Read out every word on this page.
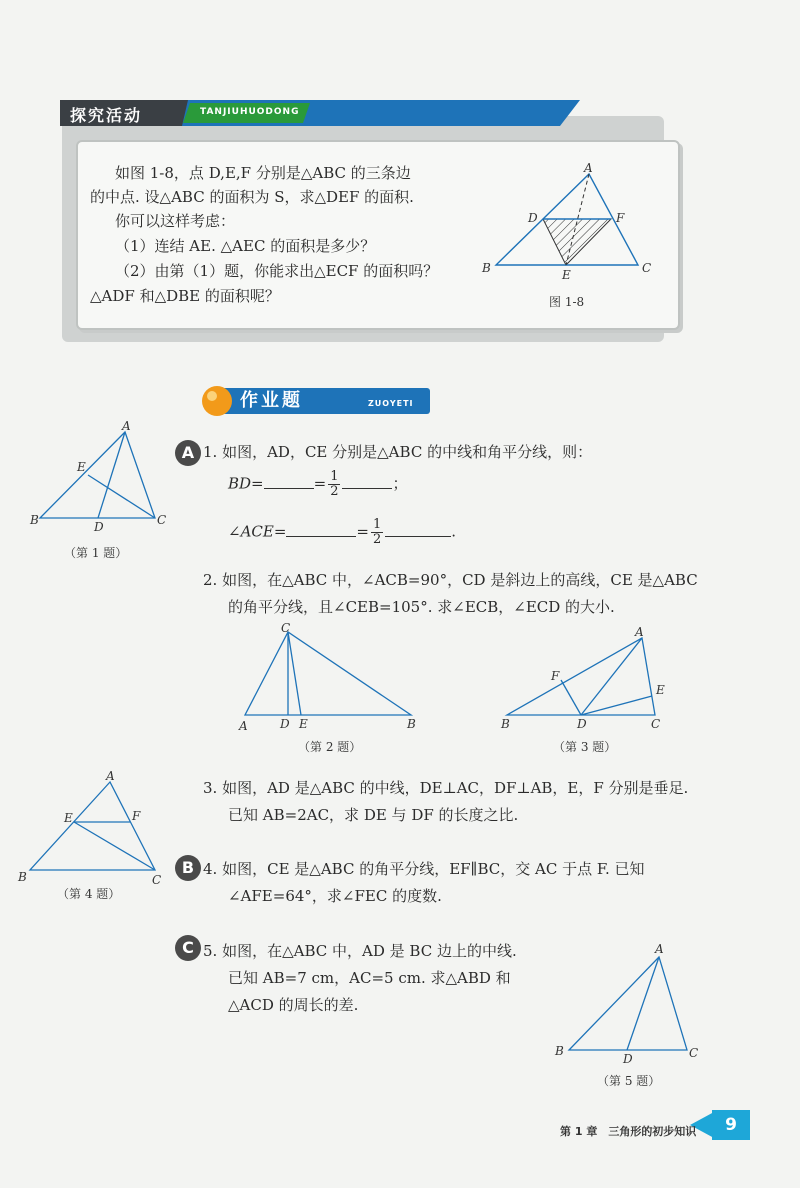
探究活动	TANJIUHUODONG
如图 1-8，点 D,E,F 分别是△ABC 的三条边
的中点. 设△ABC 的面积为 S，求△DEF 的面积.
你可以这样考虑：
（1）连结 AE. △AEC 的面积是多少？
（2）由第（1）题，你能求出△ECF 的面积吗？
△ADF 和△DBE 的面积呢？
A
D	F
B	E	C
图 1-8
作业题	ZUOYETI
A 1. 如图，AD，CE 分别是△ABC 的中线和角平分线，则：
BD=	= $\frac{1}{2}$	；
∠ACE=	= $\frac{1}{2}$	.
A
E
B	D	C
（第 1 题）
2. 如图，在△ABC 中，∠ACB=90°，CD 是斜边上的高线，CE 是△ABC
的角平分线，且∠CEB=105°. 求∠ECB，∠ECD 的大小.
C
A	D E	B
（第 2 题）
A
F
E
B	D	C
（第 3 题）
3. 如图，AD 是△ABC 的中线，DE⊥AC，DF⊥AB，E，F 分别是垂足.
已知 AB=2AC，求 DE 与 DF 的长度之比.
A
E	F
B	C
（第 4 题）
B 4. 如图，CE 是△ABC 的角平分线，EF∥BC，交 AC 于点 F. 已知
∠AFE=64°，求∠FEC 的度数.
C 5. 如图，在△ABC 中，AD 是 BC 边上的中线.
已知 AB=7 cm，AC=5 cm. 求△ABD 和
△ACD 的周长的差.
A
B
D	C
（第 5 题）
第 1 章　三角形的初步知识	9
